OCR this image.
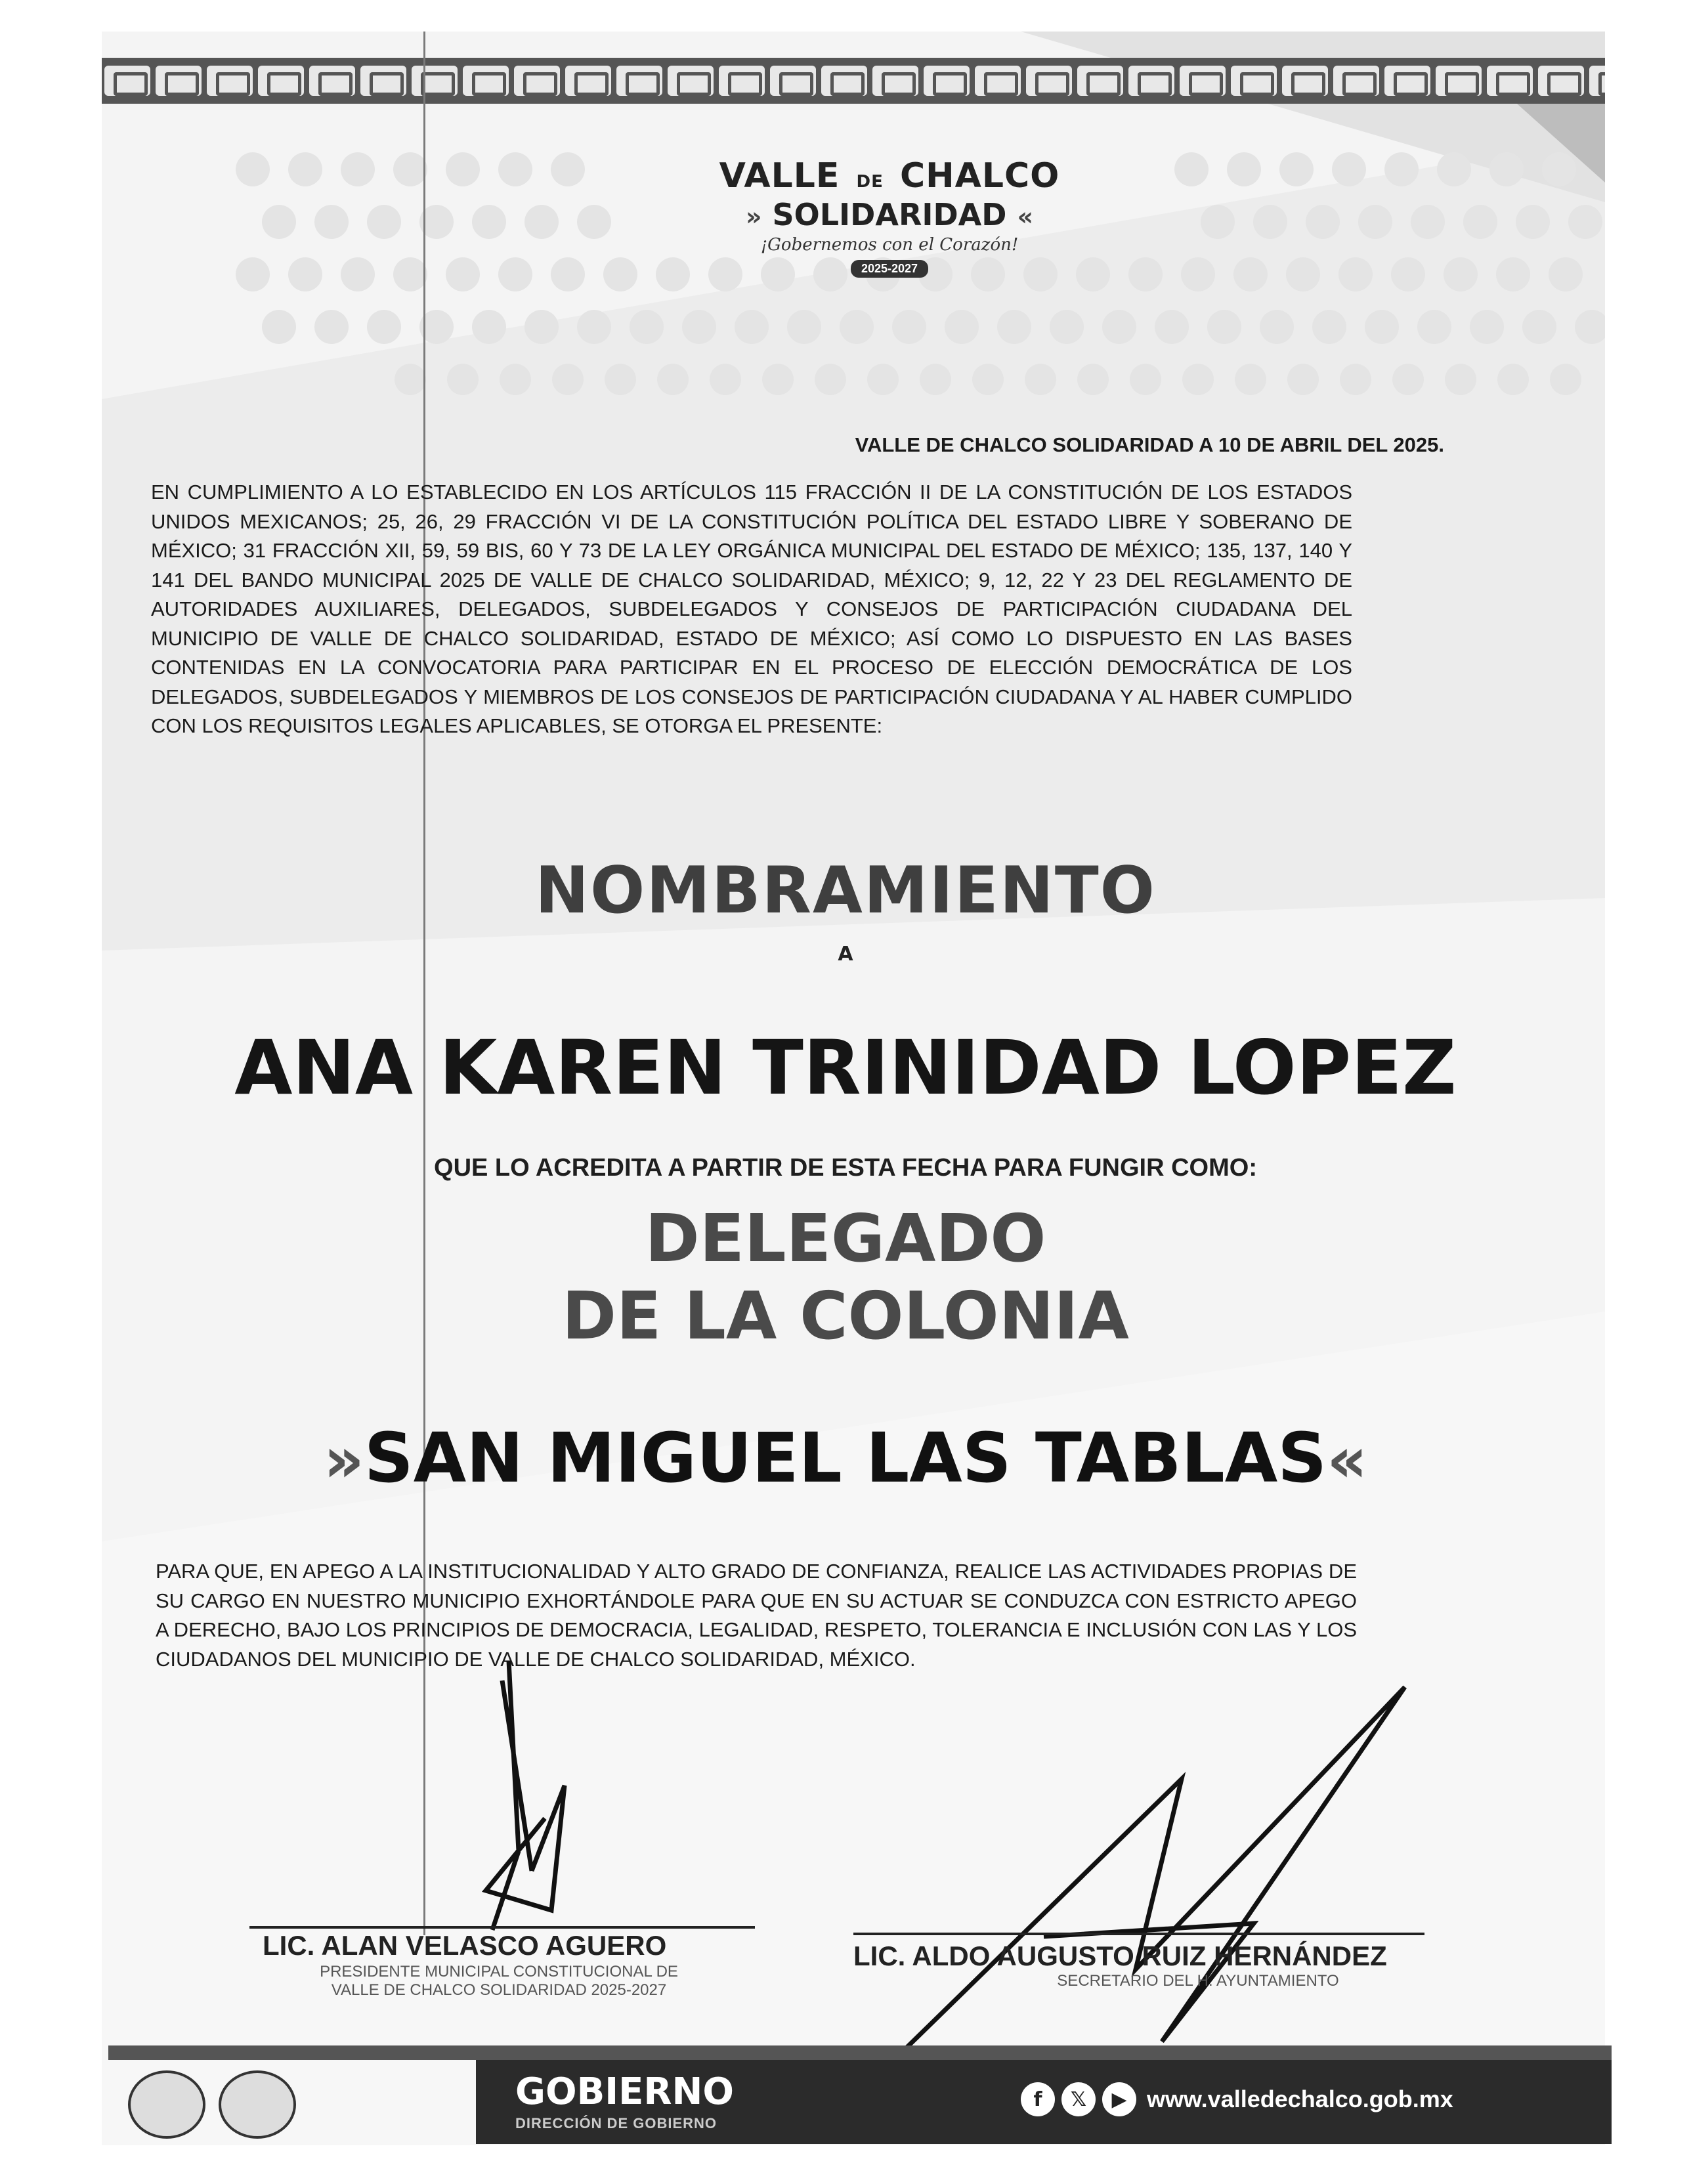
VALLE DE CHALCO
» SOLIDARIDAD «
¡Gobernemos con el Corazón!
2025-2027
VALLE DE CHALCO SOLIDARIDAD A 10 DE ABRIL DEL 2025.
EN CUMPLIMIENTO A LO ESTABLECIDO EN LOS ARTÍCULOS 115 FRACCIÓN II DE LA CONSTITUCIÓN DE LOS ESTADOS UNIDOS MEXICANOS; 25, 26, 29 FRACCIÓN VI DE LA CONSTITUCIÓN POLÍTICA DEL ESTADO LIBRE Y SOBERANO DE MÉXICO; 31 FRACCIÓN XII, 59, 59 BIS, 60 Y 73 DE LA LEY ORGÁNICA MUNICIPAL DEL ESTADO DE MÉXICO; 135, 137, 140 Y 141 DEL BANDO MUNICIPAL 2025 DE VALLE DE CHALCO SOLIDARIDAD, MÉXICO; 9, 12, 22 Y 23 DEL REGLAMENTO DE AUTORIDADES AUXILIARES, DELEGADOS, SUBDELEGADOS Y CONSEJOS DE PARTICIPACIÓN CIUDADANA DEL MUNICIPIO DE VALLE DE CHALCO SOLIDARIDAD, ESTADO DE MÉXICO; ASÍ COMO LO DISPUESTO EN LAS BASES CONTENIDAS EN LA CONVOCATORIA PARA PARTICIPAR EN EL PROCESO DE ELECCIÓN DEMOCRÁTICA DE LOS DELEGADOS, SUBDELEGADOS Y MIEMBROS DE LOS CONSEJOS DE PARTICIPACIÓN CIUDADANA Y AL HABER CUMPLIDO CON LOS REQUISITOS LEGALES APLICABLES, SE OTORGA EL PRESENTE:
NOMBRAMIENTO
A
ANA KAREN TRINIDAD LOPEZ
QUE LO ACREDITA A PARTIR DE ESTA FECHA PARA FUNGIR COMO:
DELEGADO
DE LA COLONIA
»SAN MIGUEL LAS TABLAS«
PARA QUE, EN APEGO A LA INSTITUCIONALIDAD Y ALTO GRADO DE CONFIANZA, REALICE LAS ACTIVIDADES PROPIAS DE SU CARGO EN NUESTRO MUNICIPIO EXHORTÁNDOLE PARA QUE EN SU ACTUAR SE CONDUZCA CON ESTRICTO APEGO A DERECHO, BAJO LOS PRINCIPIOS DE DEMOCRACIA, LEGALIDAD, RESPETO, TOLERANCIA E INCLUSIÓN CON LAS Y LOS CIUDADANOS DEL MUNICIPIO DE VALLE DE CHALCO SOLIDARIDAD, MÉXICO.
LIC. ALAN VELASCO AGUERO
PRESIDENTE MUNICIPAL CONSTITUCIONAL DE
VALLE DE CHALCO SOLIDARIDAD 2025-2027
LIC. ALDO AUGUSTO RUIZ HERNÁNDEZ
SECRETARIO DEL H. AYUNTAMIENTO
GOBIERNO
DIRECCIÓN DE GOBIERNO
f	𝕏	▶ www.valledechalco.gob.mx
